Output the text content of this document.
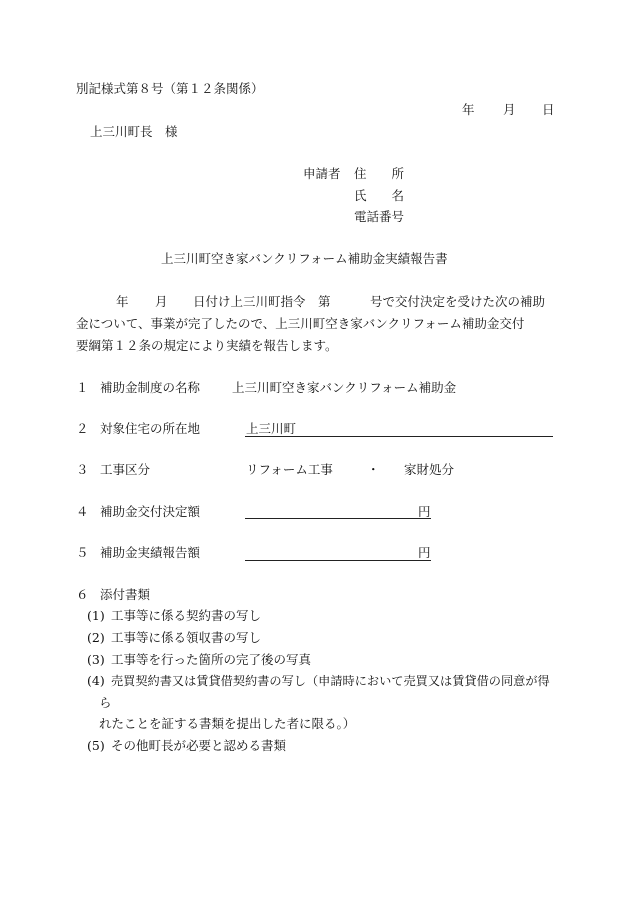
別記様式第８号（第１２条関係）
年 月 日
上三川町長　様
申請者 住　　所
氏　　名
電話番号
上三川町空き家バンクリフォーム補助金実績報告書
年 月 日付け上三川町指令　第	号で交付決定を受けた次の補助
金について、事業が完了したので、上三川町空き家バンクリフォーム補助金交付
要綱第１２条の規定により実績を報告します。
１ 補助金制度の名称	上三川町空き家バンクリフォーム補助金
２ 対象住宅の所在地	上三川町
３ 工事区分	リフォーム工事	・ 家財処分
４ 補助金交付決定額	円
５ 補助金実績報告額	円
６ 添付書類
(1) 工事等に係る契約書の写し
(2) 工事等に係る領収書の写し
(3) 工事等を行った箇所の完了後の写真
(4) 売買契約書又は賃貸借契約書の写し（申請時において売買又は賃貸借の同意が得
ら
れたことを証する書類を提出した者に限る。）
(5) その他町長が必要と認める書類
